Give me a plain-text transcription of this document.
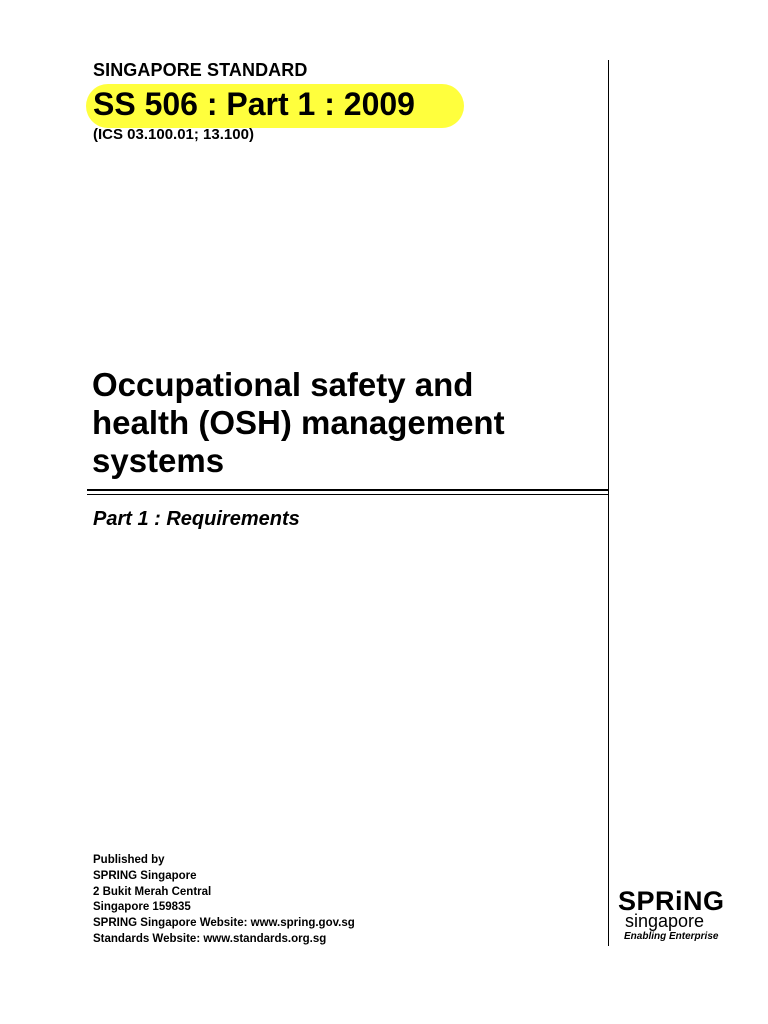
SINGAPORE STANDARD
SS 506 : Part 1 : 2009
(ICS 03.100.01; 13.100)
Occupational safety and
health (OSH) management
systems
Part 1 : Requirements
Published by
SPRING Singapore
2 Bukit Merah Central
Singapore 159835
SPRING Singapore Website: www.spring.gov.sg
Standards Website: www.standards.org.sg
SPRiNG
singapore
Enabling Enterprise
